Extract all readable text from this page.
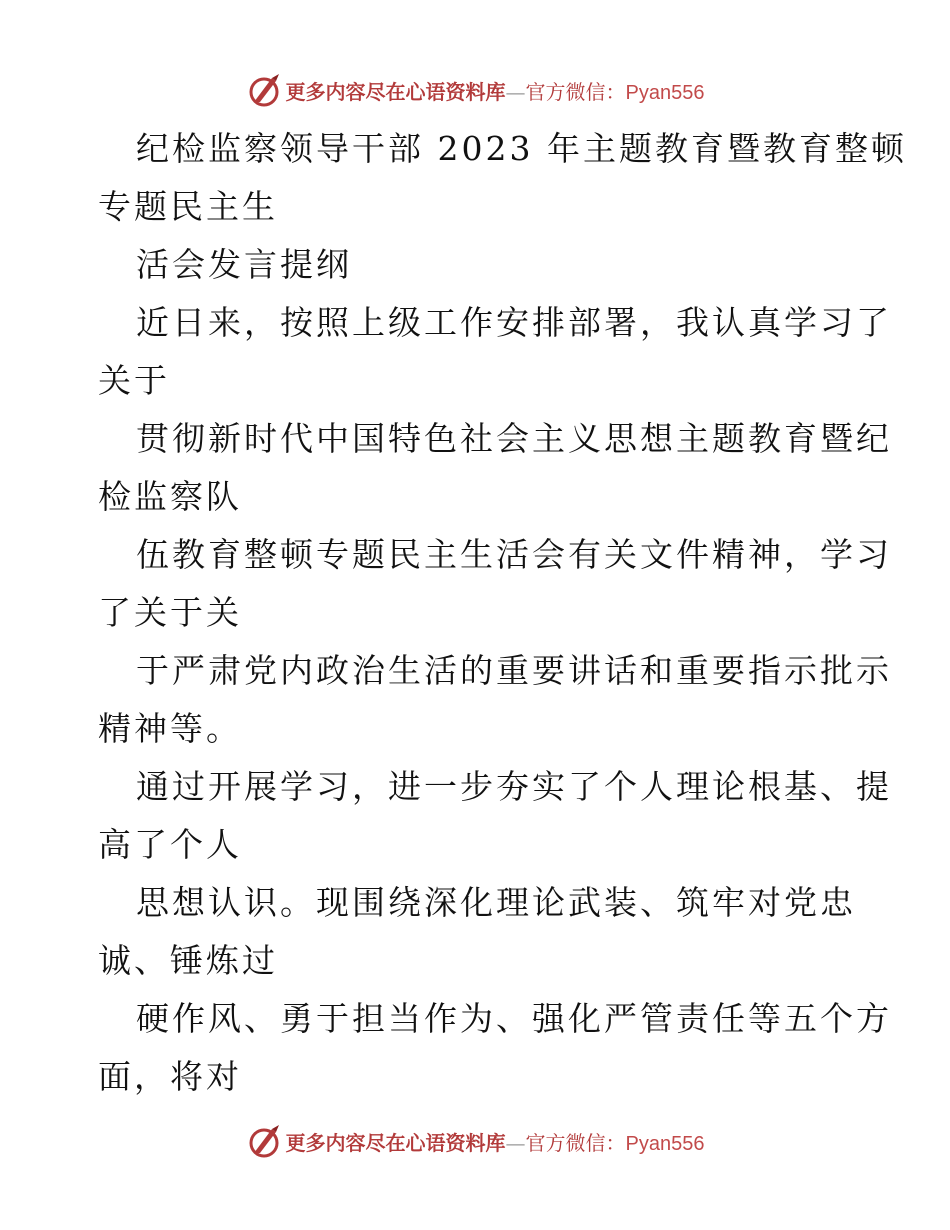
更多内容尽在心语资料库—官方微信：Pyan556
纪检监察领导干部 2023 年主题教育暨教育整顿
专题民主生
活会发言提纲
近日来，按照上级工作安排部署，我认真学习了
关于
贯彻新时代中国特色社会主义思想主题教育暨纪
检监察队
伍教育整顿专题民主生活会有关文件精神，学习
了关于关
于严肃党内政治生活的重要讲话和重要指示批示
精神等。
通过开展学习，进一步夯实了个人理论根基、提
高了个人
思想认识。现围绕深化理论武装、筑牢对党忠
诚、锤炼过
硬作风、勇于担当作为、强化严管责任等五个方
面，将对
更多内容尽在心语资料库—官方微信：Pyan556
